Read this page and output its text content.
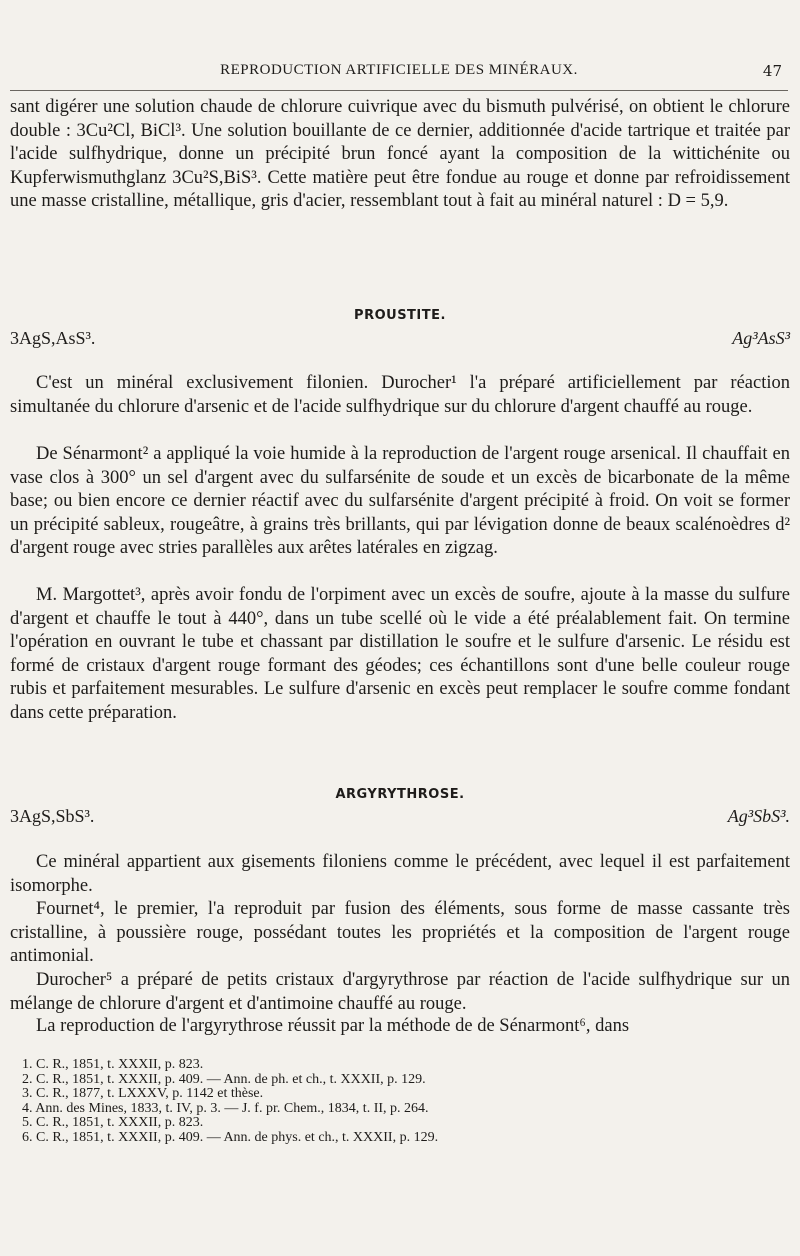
REPRODUCTION ARTIFICIELLE DES MINÉRAUX.	47
sant digérer une solution chaude de chlorure cuivrique avec du bismuth pulvérisé, on obtient le chlorure double : 3Cu²Cl, BiCl³. Une solution bouillante de ce dernier, additionnée d'acide tartrique et traitée par l'acide sulfhydrique, donne un précipité brun foncé ayant la composition de la wittichénite ou Kupferwismuthglanz 3Cu²S,BiS³. Cette matière peut être fondue au rouge et donne par refroidissement une masse cristalline, métallique, gris d'acier, ressemblant tout à fait au minéral naturel : D = 5,9.
PROUSTITE.
3AgS,AsS³.	Ag³AsS³
C'est un minéral exclusivement filonien. Durocher¹ l'a préparé artificiellement par réaction simultanée du chlorure d'arsenic et de l'acide sulfhydrique sur du chlorure d'argent chauffé au rouge.
De Sénarmont² a appliqué la voie humide à la reproduction de l'argent rouge arsenical. Il chauffait en vase clos à 300° un sel d'argent avec du sulfarsénite de soude et un excès de bicarbonate de la même base; ou bien encore ce dernier réactif avec du sulfarsénite d'argent précipité à froid. On voit se former un précipité sableux, rougeâtre, à grains très brillants, qui par lévigation donne de beaux scalénoèdres d² d'argent rouge avec stries parallèles aux arêtes latérales en zigzag.
M. Margottet³, après avoir fondu de l'orpiment avec un excès de soufre, ajoute à la masse du sulfure d'argent et chauffe le tout à 440°, dans un tube scellé où le vide a été préalablement fait. On termine l'opération en ouvrant le tube et chassant par distillation le soufre et le sulfure d'arsenic. Le résidu est formé de cristaux d'argent rouge formant des géodes; ces échantillons sont d'une belle couleur rouge rubis et parfaitement mesurables. Le sulfure d'arsenic en excès peut remplacer le soufre comme fondant dans cette préparation.
ARGYRYTHROSE.
3AgS,SbS³.	Ag³SbS³.
Ce minéral appartient aux gisements filoniens comme le précédent, avec lequel il est parfaitement isomorphe.
Fournet⁴, le premier, l'a reproduit par fusion des éléments, sous forme de masse cassante très cristalline, à poussière rouge, possédant toutes les propriétés et la composition de l'argent rouge antimonial.
Durocher⁵ a préparé de petits cristaux d'argyrythrose par réaction de l'acide sulfhydrique sur un mélange de chlorure d'argent et d'antimoine chauffé au rouge.
La reproduction de l'argyrythrose réussit par la méthode de de Sénarmont⁶, dans
1. C. R., 1851, t. XXXII, p. 823.
2. C. R., 1851, t. XXXII, p. 409. — Ann. de ph. et ch., t. XXXII, p. 129.
3. C. R., 1877, t. LXXXV, p. 1142 et thèse.
4. Ann. des Mines, 1833, t. IV, p. 3. — J. f. pr. Chem., 1834, t. II, p. 264.
5. C. R., 1851, t. XXXII, p. 823.
6. C. R., 1851, t. XXXII, p. 409. — Ann. de phys. et ch., t. XXXII, p. 129.
